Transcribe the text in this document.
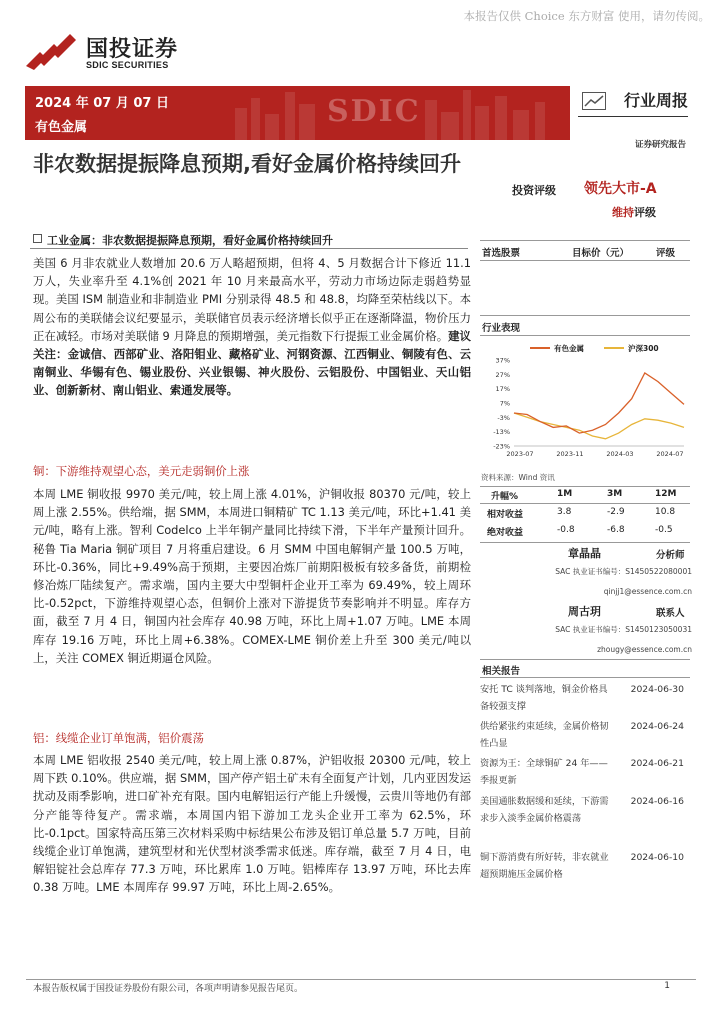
本报告仅供 Choice 东方财富 使用，请勿传阅。
国投证券
SDIC SECURITIES
2024 年 07 月 07 日
有色金属	SDIC	行业周报
非农数据提振降息预期,看好金属价格持续回升
证券研究报告
投资评级 领先大市-A
维持评级
工业金属：非农数据提振降息预期，看好金属价格持续回升
美国 6 月非农就业人数增加 20.6 万人略超预期，但将 4、5 月数据合计下修近 11.1 万人，失业率升至 4.1%创 2021 年 10 月来最高水平，劳动力市场边际走弱趋势显现。美国 ISM 制造业和非制造业 PMI 分别录得 48.5 和 48.8，均降至荣枯线以下。本周公布的美联储会议纪要显示，美联储官员表示经济增长似乎正在逐渐降温，物价压力正在减轻。市场对美联储 9 月降息的预期增强，美元指数下行提振工业金属价格。建议关注：金诚信、西部矿业、洛阳钼业、藏格矿业、河钢资源、江西铜业、铜陵有色、云南铜业、华锡有色、锡业股份、兴业银锡、神火股份、云铝股份、中国铝业、天山铝业、创新新材、南山铝业、索通发展等。
铜：下游维持观望心态，美元走弱铜价上涨
本周 LME 铜收报 9970 美元/吨，较上周上涨 4.01%，沪铜收报 80370 元/吨，较上周上涨 2.55%。供给端，据 SMM，本周进口铜精矿 TC 1.13 美元/吨，环比+1.41 美元/吨，略有上涨。智利 Codelco 上半年铜产量同比持续下滑，下半年产量预计回升。秘鲁 Tia Maria 铜矿项目 7 月将重启建设。6 月 SMM 中国电解铜产量 100.5 万吨，环比-0.36%，同比+9.49%高于预期，主要因冶炼厂前期阳极板有较多备货，前期检修冶炼厂陆续复产。需求端，国内主要大中型铜杆企业开工率为 69.49%，较上周环比-0.52pct，下游维持观望心态，但铜价上涨对下游提货节奏影响并不明显。库存方面，截至 7 月 4 日，铜国内社会库存 40.98 万吨，环比上周+1.07 万吨。LME 本周库存 19.16 万吨，环比上周+6.38%。COMEX-LME 铜价差上升至 300 美元/吨以上，关注 COMEX 铜近期逼仓风险。
铝：线缆企业订单饱满，铝价震荡
本周 LME 铝收报 2540 美元/吨，较上周上涨 0.87%，沪铝收报 20300 元/吨，较上周下跌 0.10%。供应端，据 SMM，国产停产铝土矿未有全面复产计划，几内亚因发运扰动及雨季影响，进口矿补充有限。国内电解铝运行产能上升缓慢，云贵川等地仍有部分产能等待复产。需求端，本周国内铝下游加工龙头企业开工率为 62.5%，环比-0.1pct。国家特高压第三次材料采购中标结果公布涉及铝订单总量 5.7 万吨，目前线缆企业订单饱满，建筑型材和光伏型材淡季需求低迷。库存端，截至 7 月 4 日，电解铝锭社会总库存 77.3 万吨，环比累库 1.0 万吨。铝棒库存 13.97 万吨，环比去库 0.38 万吨。LME 本周库存 99.97 万吨，环比上周-2.65%。
首选股票	目标价（元）	评级
行业表现
有色金属	沪深300
37%
27%
17%
7%
-3%
-13%
-23%
2023-07	2023-11	2024-03	2024-07
资料来源：Wind 资讯
升幅%	1M	3M	12M
相对收益	3.8	-2.9	10.8
绝对收益	-0.8	-6.8	-0.5
章晶晶	分析师
SAC 执业证书编号：S1450522080001
qinjj1@essence.com.cn
周古玥	联系人
SAC 执业证书编号：S1450123050031
zhougy@essence.com.cn
相关报告
安托 TC 谈判落地，铜金价格具备较强支撑
2024-06-30
供给紧张约束延续，金属价格韧性凸显
2024-06-24
资源为王：全球铜矿 24 年——季报更新
2024-06-21
美国通胀数据缓和延续，下游需求步入淡季金属价格震荡
2024-06-16
铜下游消费有所好转，非农就业超预期施压金属价格
2024-06-10
本报告版权属于国投证券股份有限公司，各项声明请参见报告尾页。	1
